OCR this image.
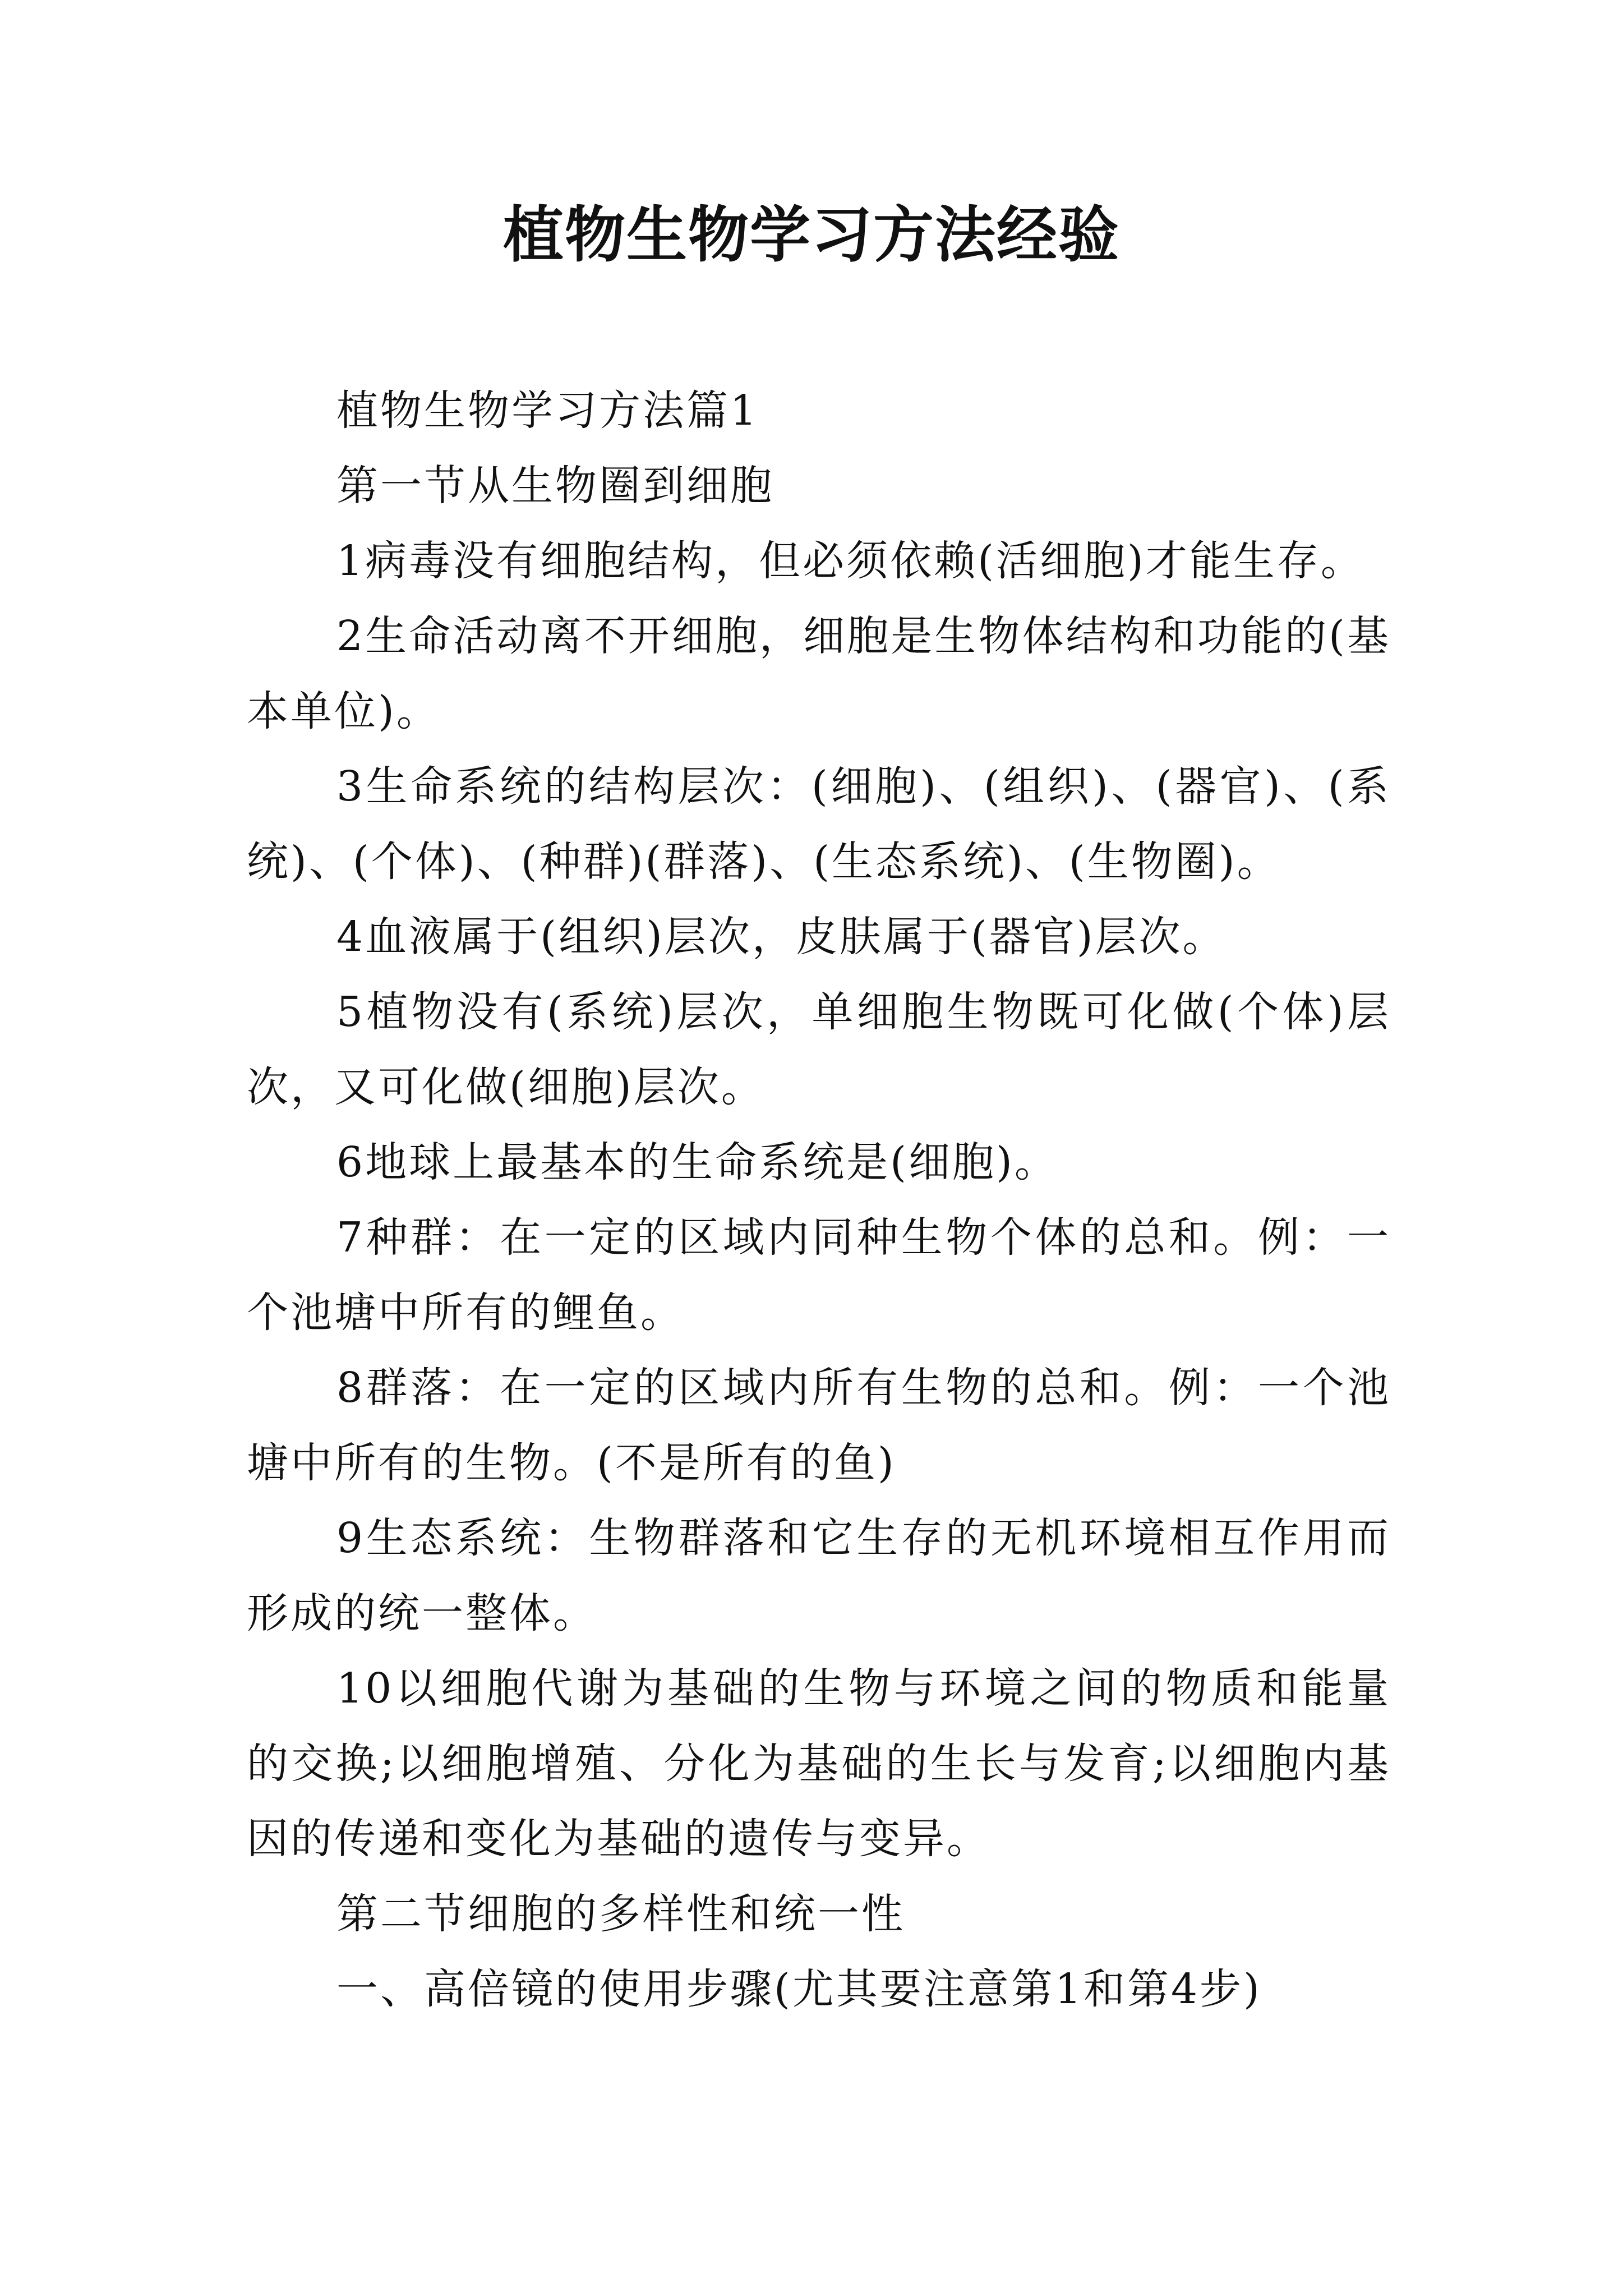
植物生物学习方法经验

植物生物学习方法篇1

第一节从生物圈到细胞

1病毒没有细胞结构，但必须依赖(活细胞)才能生存。

2生命活动离不开细胞，细胞是生物体结构和功能的(基本单位)。

3生命系统的结构层次：(细胞)、(组织)、(器官)、(系统)、(个体)、(种群)(群落)、(生态系统)、(生物圈)。

4血液属于(组织)层次，皮肤属于(器官)层次。

5植物没有(系统)层次，单细胞生物既可化做(个体)层次，又可化做(细胞)层次。

6地球上最基本的生命系统是(细胞)。

7种群：在一定的区域内同种生物个体的总和。例：一个池塘中所有的鲤鱼。

8群落：在一定的区域内所有生物的总和。例：一个池塘中所有的生物。(不是所有的鱼)

9生态系统：生物群落和它生存的无机环境相互作用而形成的统一整体。

10以细胞代谢为基础的生物与环境之间的物质和能量的交换;以细胞增殖、分化为基础的生长与发育;以细胞内基因的传递和变化为基础的遗传与变异。

第二节细胞的多样性和统一性

一、高倍镜的使用步骤(尤其要注意第1和第4步)
